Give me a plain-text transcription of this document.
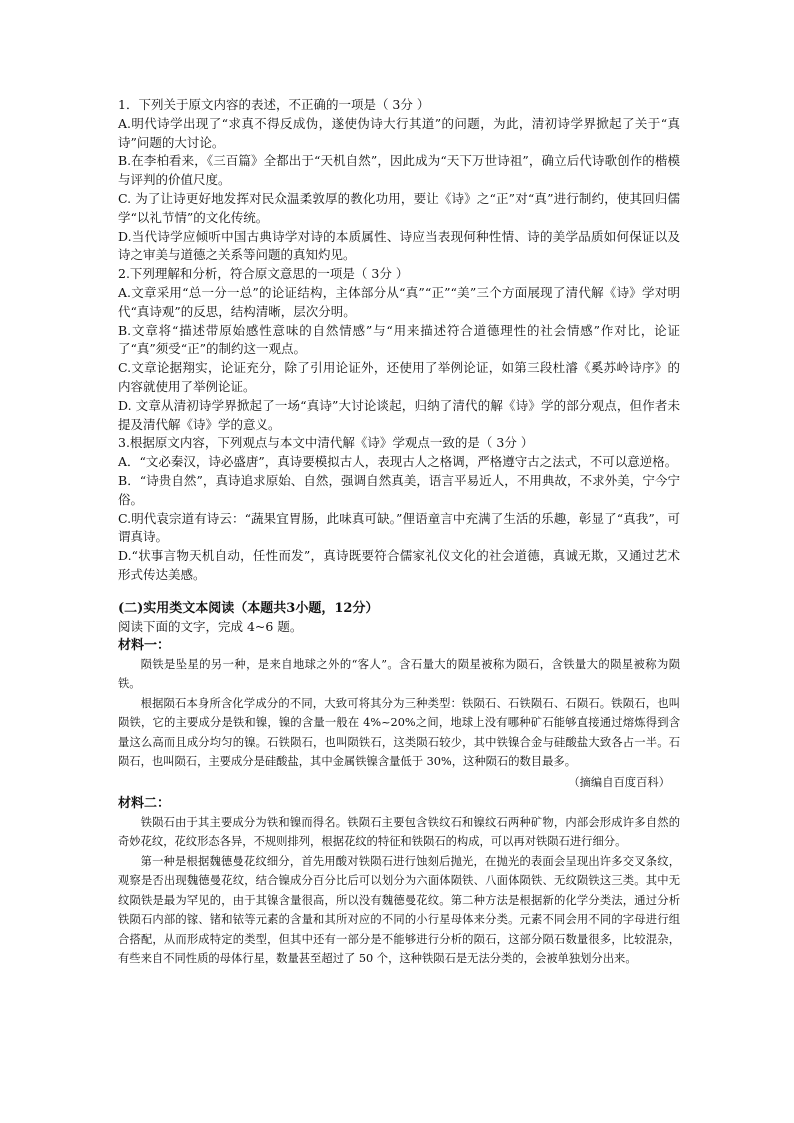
1．下列关于原文内容的表述，不正确的一项是（ 3分 ）

A.明代诗学出现了“求真不得反成伪，遂使伪诗大行其道”的问题，为此，清初诗学界掀起了关于“真诗”问题的大讨论。

B.在李柏看来，《三百篇》全都出于“天机自然”，因此成为“天下万世诗祖”，确立后代诗歌创作的楷模与评判的价值尺度。

C. 为了让诗更好地发挥对民众温柔敦厚的教化功用，要让《诗》之“正”对“真”进行制约，使其回归儒学“以礼节情”的文化传统。

D.当代诗学应倾听中国古典诗学对诗的本质属性、诗应当表现何种性情、诗的美学品质如何保证以及诗之审美与道德之关系等问题的真知灼见。

2.下列理解和分析，符合原文意思的一项是（ 3分 ）

A.文章采用“总一分一总”的论证结构，主体部分从“真”“正”“美”三个方面展现了清代解《诗》学对明代“真诗观”的反思，结构清晰，层次分明。

B.文章将“描述带原始感性意味的自然情感”与“用来描述符合道德理性的社会情感”作对比，论证了“真”须受“正”的制约这一观点。

C.文章论据翔实，论证充分，除了引用论证外，还使用了举例论证，如第三段杜濬《奚苏岭诗序》的内容就使用了举例论证。

D. 文章从清初诗学界掀起了一场“真诗”大讨论谈起，归纳了清代的解《诗》学的部分观点，但作者未提及清代解《诗》学的意义。

3.根据原文内容，下列观点与本文中清代解《诗》学观点一致的是（ 3分 ）

A．“文必秦汉，诗必盛唐”，真诗要模拟古人，表现古人之格调，严格遵守古之法式，不可以意逆格。

B．“诗贵自然”，真诗追求原始、自然，强调自然真美，语言平易近人，不用典故，不求外美，宁今宁俗。

C.明代袁宗道有诗云：“蔬果宜胃肠，此味真可缺。”俚语童言中充满了生活的乐趣，彰显了“真我”，可谓真诗。

D.“状事言物天机自动，任性而发”，真诗既要符合儒家礼仪文化的社会道德，真诚无欺，又通过艺术形式传达美感。

(二)实用类文本阅读（本题共3小题，12分）
阅读下面的文字，完成 4~6 题。
材料一：

陨铁是坠星的另一种，是来自地球之外的“客人”。含石量大的陨星被称为陨石，含铁量大的陨星被称为陨铁。

根据陨石本身所含化学成分的不同，大致可将其分为三种类型：铁陨石、石铁陨石、石陨石。铁陨石，也叫陨铁，它的主要成分是铁和镍，镍的含量一般在 4%~20%之间，地球上没有哪种矿石能够直接通过熔炼得到含量这么高而且成分均匀的镍。石铁陨石，也叫陨铁石，这类陨石较少，其中铁镍合金与硅酸盐大致各占一半。石陨石，也叫陨石，主要成分是硅酸盐，其中金属铁镍含量低于 30%，这种陨石的数目最多。

（摘编自百度百科）
材料二：

铁陨石由于其主要成分为铁和镍而得名。铁陨石主要包含铁纹石和镍纹石两种矿物，内部会形成许多自然的奇妙花纹，花纹形态各异，不规则排列，根据花纹的特征和铁陨石的构成，可以再对铁陨石进行细分。

第一种是根据魏德曼花纹细分，首先用酸对铁陨石进行蚀刻后抛光，在抛光的表面会呈现出许多交叉条纹，观察是否出现魏德曼花纹，结合镍成分百分比后可以划分为六面体陨铁、八面体陨铁、无纹陨铁这三类。其中无纹陨铁是最为罕见的，由于其镍含量很高，所以没有魏德曼花纹。第二种方法是根据新的化学分类法，通过分析铁陨石内部的镓、锗和铱等元素的含量和其所对应的不同的小行星母体来分类。元素不同会用不同的字母进行组合搭配，从而形成特定的类型，但其中还有一部分是不能够进行分析的陨石，这部分陨石数量很多，比较混杂，有些来自不同性质的母体行星，数量甚至超过了 50 个，这种铁陨石是无法分类的，会被单独划分出来。
